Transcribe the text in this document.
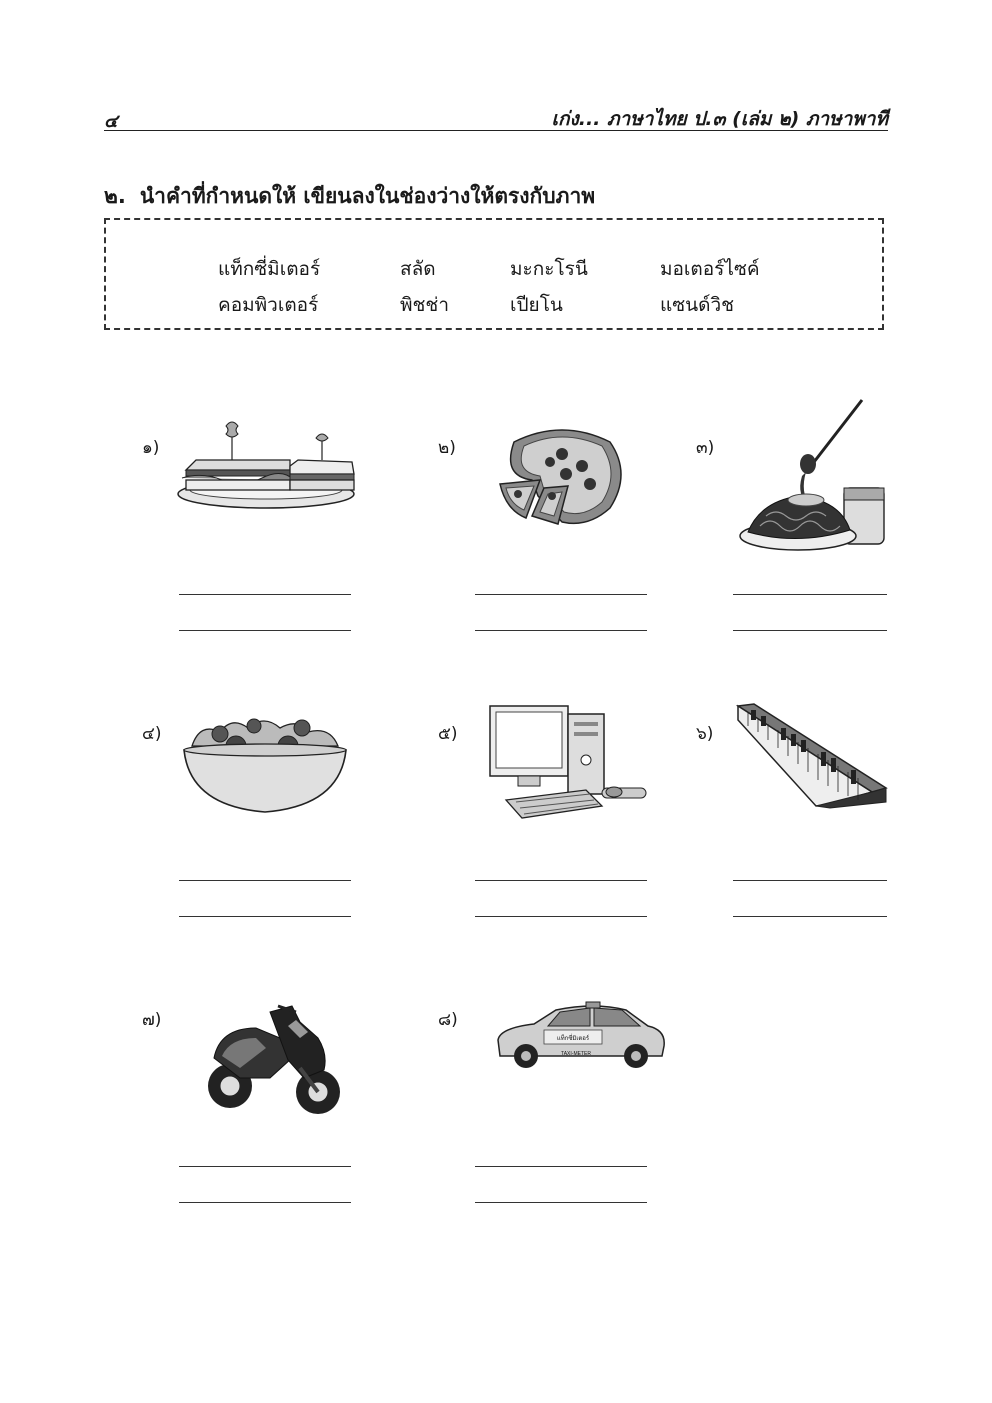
๔	เก่ง... ภาษาไทย ป.๓ (เล่ม ๒) ภาษาพาที
๒. นำคำที่กำหนดให้ เขียนลงในช่องว่างให้ตรงกับภาพ
แท็กซี่มิเตอร์	สลัด	มะกะโรนี	มอเตอร์ไซค์
คอมพิวเตอร์	พิชช่า	เปียโน	แซนด์วิช
๑)	๒)	๓)
๔)	๕)	๖)
๗)	๘)
แท็กซี่มิเตอร์
TAXI-METER
